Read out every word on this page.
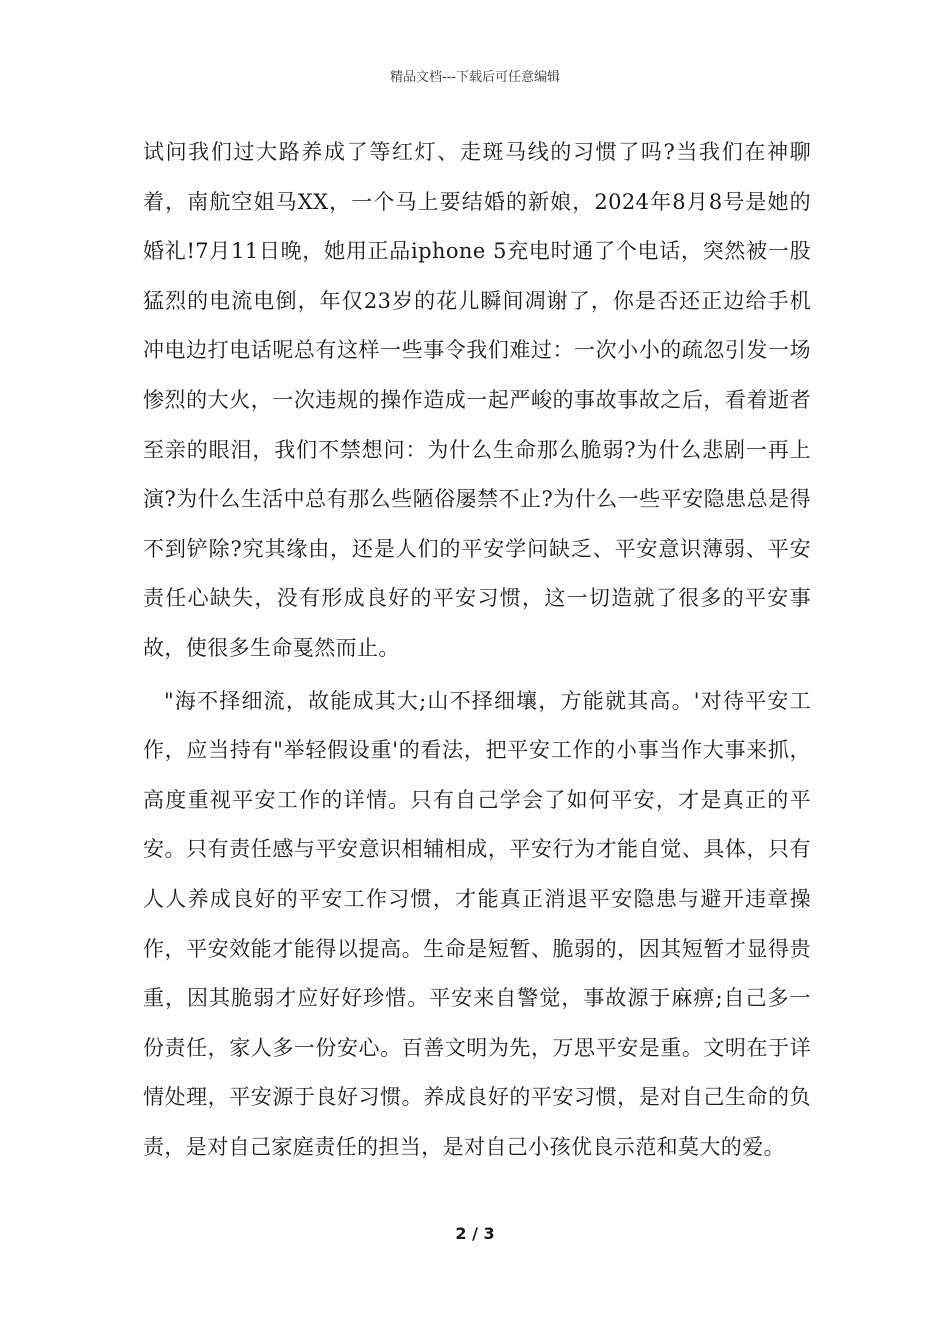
精品文档---下载后可任意编辑

试问我们过大路养成了等红灯、走斑马线的习惯了吗?当我们在神聊着，南航空姐马XX，一个马上要结婚的新娘，2024年8月8号是她的婚礼!7月11日晚，她用正品iphone 5充电时通了个电话，突然被一股猛烈的电流电倒，年仅23岁的花儿瞬间凋谢了，你是否还正边给手机冲电边打电话呢总有这样一些事令我们难过：一次小小的疏忽引发一场惨烈的大火，一次违规的操作造成一起严峻的事故事故之后，看着逝者至亲的眼泪，我们不禁想问：为什么生命那么脆弱?为什么悲剧一再上演?为什么生活中总有那么些陋俗屡禁不止?为什么一些平安隐患总是得不到铲除?究其缘由，还是人们的平安学问缺乏、平安意识薄弱、平安责任心缺失，没有形成良好的平安习惯，这一切造就了很多的平安事故，使很多生命戛然而止。

"海不择细流，故能成其大;山不择细壤，方能就其高。'对待平安工作，应当持有"举轻假设重'的看法，把平安工作的小事当作大事来抓，高度重视平安工作的详情。只有自己学会了如何平安，才是真正的平安。只有责任感与平安意识相辅相成，平安行为才能自觉、具体，只有人人养成良好的平安工作习惯，才能真正消退平安隐患与避开违章操作，平安效能才能得以提高。生命是短暂、脆弱的，因其短暂才显得贵重，因其脆弱才应好好珍惜。平安来自警觉，事故源于麻痹;自己多一份责任，家人多一份安心。百善文明为先，万思平安是重。文明在于详情处理，平安源于良好习惯。养成良好的平安习惯，是对自己生命的负责，是对自己家庭责任的担当，是对自己小孩优良示范和莫大的爱。

2 / 3
